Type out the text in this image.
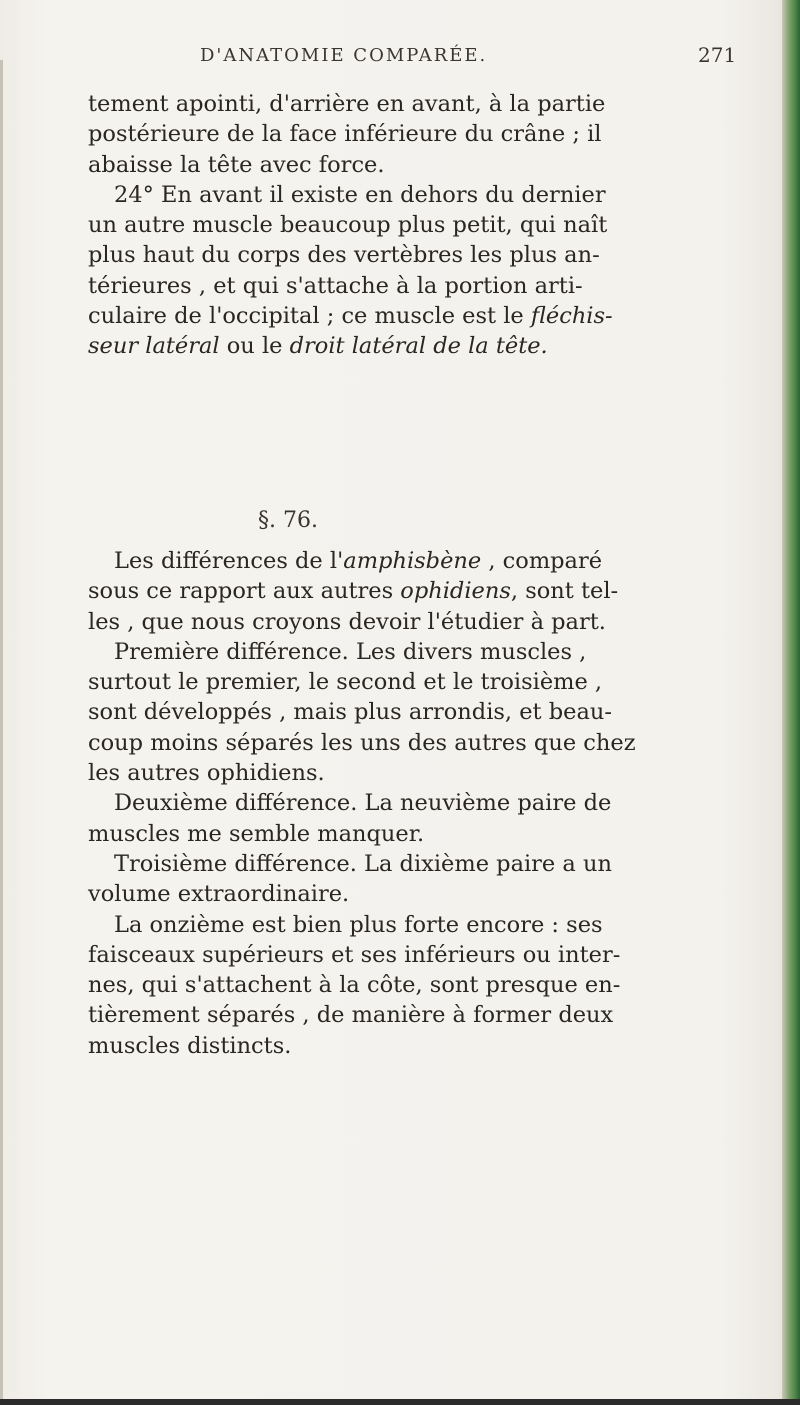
D'ANATOMIE COMPARÉE.	271
tement apointi, d'arrière en avant, à la partie
postérieure de la face inférieure du crâne ; il
abaisse la tête avec force.
24° En avant il existe en dehors du dernier
un autre muscle beaucoup plus petit, qui naît
plus haut du corps des vertèbres les plus an-
térieures , et qui s'attache à la portion arti-
culaire de l'occipital ; ce muscle est le fléchis-
seur latéral ou le droit latéral de la tête.
§. 76.
Les différences de l'amphisbène , comparé
sous ce rapport aux autres ophidiens, sont tel-
les , que nous croyons devoir l'étudier à part.
Première différence. Les divers muscles ,
surtout le premier, le second et le troisième ,
sont développés , mais plus arrondis, et beau-
coup moins séparés les uns des autres que chez
les autres ophidiens.
Deuxième différence. La neuvième paire de
muscles me semble manquer.
Troisième différence. La dixième paire a un
volume extraordinaire.
La onzième est bien plus forte encore : ses
faisceaux supérieurs et ses inférieurs ou inter-
nes, qui s'attachent à la côte, sont presque en-
tièrement séparés , de manière à former deux
muscles distincts.
